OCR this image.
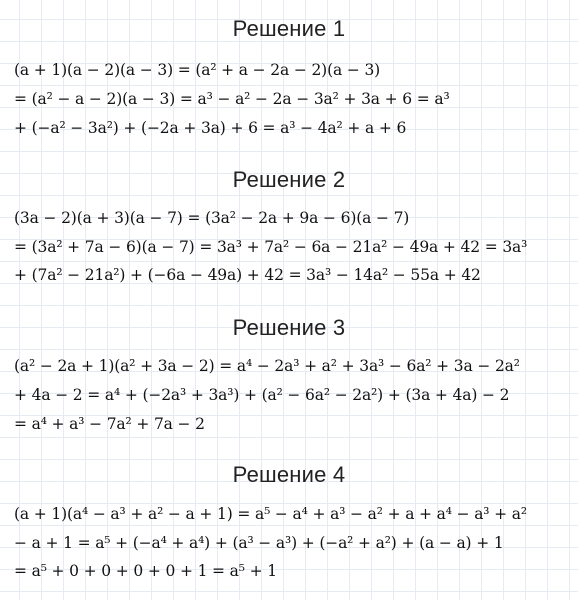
Решение 1
(a + 1)(a − 2)(a − 3) = (a² + a − 2a − 2)(a − 3)
= (a² − a − 2)(a − 3) = a³ − a² − 2a − 3a² + 3a + 6 = a³
+ (−a² − 3a²) + (−2a + 3a) + 6 = a³ − 4a² + a + 6
Решение 2
(3a − 2)(a + 3)(a − 7) = (3a² − 2a + 9a − 6)(a − 7)
= (3a² + 7a − 6)(a − 7) = 3a³ + 7a² − 6a − 21a² − 49a + 42 = 3a³
+ (7a² − 21a²) + (−6a − 49a) + 42 = 3a³ − 14a² − 55a + 42
Решение 3
(a² − 2a + 1)(a² + 3a − 2) = a⁴ − 2a³ + a² + 3a³ − 6a² + 3a − 2a²
+ 4a − 2 = a⁴ + (−2a³ + 3a³) + (a² − 6a² − 2a²) + (3a + 4a) − 2
= a⁴ + a³ − 7a² + 7a − 2
Решение 4
(a + 1)(a⁴ − a³ + a² − a + 1) = a⁵ − a⁴ + a³ − a² + a + a⁴ − a³ + a²
− a + 1 = a⁵ + (−a⁴ + a⁴) + (a³ − a³) + (−a² + a²) + (a − a) + 1
= a⁵ + 0 + 0 + 0 + 0 + 1 = a⁵ + 1
